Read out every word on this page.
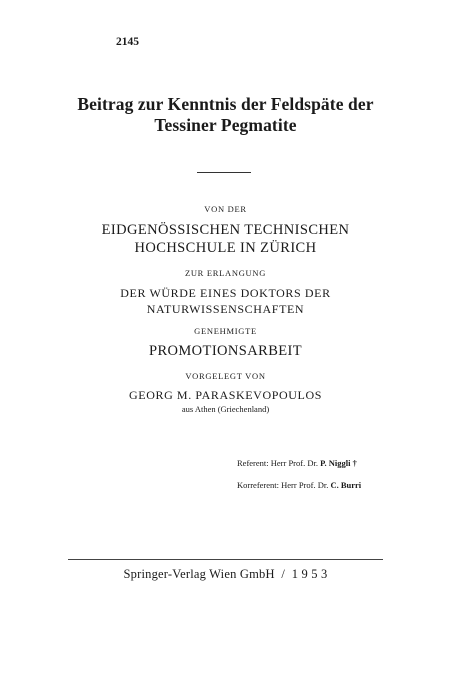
2145
Beitrag zur Kenntnis der Feldspäte der
Tessiner Pegmatite
VON DER
EIDGENÖSSISCHEN TECHNISCHEN
HOCHSCHULE IN ZÜRICH
ZUR ERLANGUNG
DER WÜRDE EINES DOKTORS DER
NATURWISSENSCHAFTEN
GENEHMIGTE
PROMOTIONSARBEIT
VORGELEGT VON
GEORG M. PARASKEVOPOULOS
aus Athen (Griechenland)
Referent: Herr Prof. Dr. P. Niggli †
Korreferent: Herr Prof. Dr. C. Burri
Springer-Verlag Wien GmbH / 1 9 5 3
